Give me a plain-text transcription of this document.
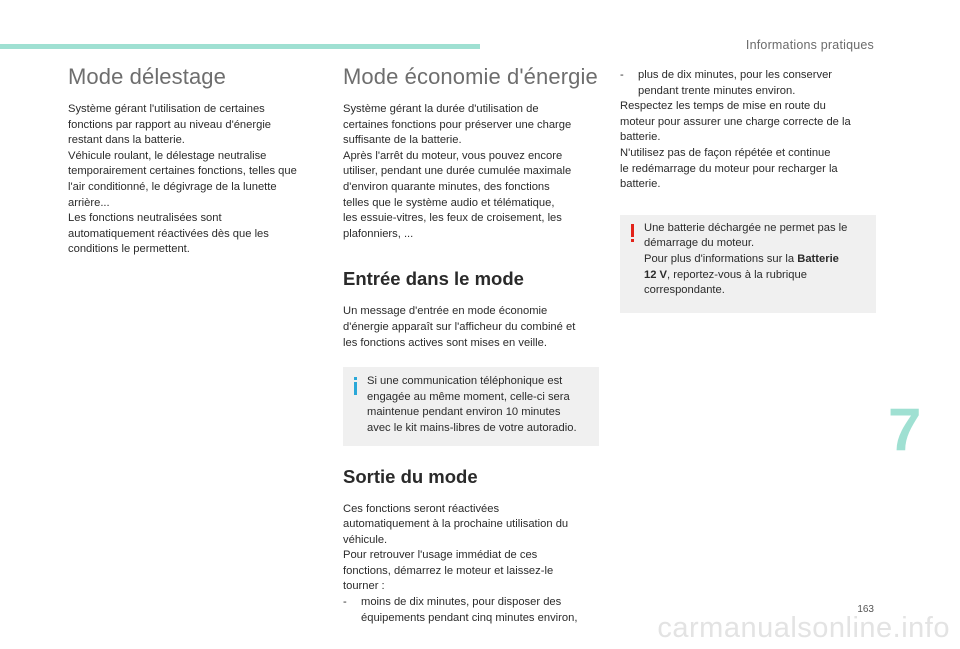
Informations pratiques
Mode délestage

Système gérant l'utilisation de certaines
fonctions par rapport au niveau d'énergie
restant dans la batterie.
Véhicule roulant, le délestage neutralise
temporairement certaines fonctions, telles que
l'air conditionné, le dégivrage de la lunette
arrière...
Les fonctions neutralisées sont
automatiquement réactivées dès que les
conditions le permettent.

Mode économie d'énergie

Système gérant la durée d'utilisation de
certaines fonctions pour préserver une charge
suffisante de la batterie.
Après l'arrêt du moteur, vous pouvez encore
utiliser, pendant une durée cumulée maximale
d'environ quarante minutes, des fonctions
telles que le système audio et télématique,
les essuie-vitres, les feux de croisement, les
plafonniers, ...

Entrée dans le mode

Un message d'entrée en mode économie
d'énergie apparaît sur l'afficheur du combiné et
les fonctions actives sont mises en veille.

Si une communication téléphonique est
engagée au même moment, celle-ci sera
maintenue pendant environ 10 minutes
avec le kit mains-libres de votre autoradio.

Sortie du mode

Ces fonctions seront réactivées
automatiquement à la prochaine utilisation du
véhicule.
Pour retrouver l'usage immédiat de ces
fonctions, démarrez le moteur et laissez-le
tourner :

- moins de dix minutes, pour disposer des
équipements pendant cinq minutes environ,

- plus de dix minutes, pour les conserver
pendant trente minutes environ.

Respectez les temps de mise en route du
moteur pour assurer une charge correcte de la
batterie.
N'utilisez pas de façon répétée et continue
le redémarrage du moteur pour recharger la
batterie.

Une batterie déchargée ne permet pas le
démarrage du moteur.
Pour plus d'informations sur la Batterie
12 V, reportez-vous à la rubrique
correspondante.

7
163
carmanualsonline.info
